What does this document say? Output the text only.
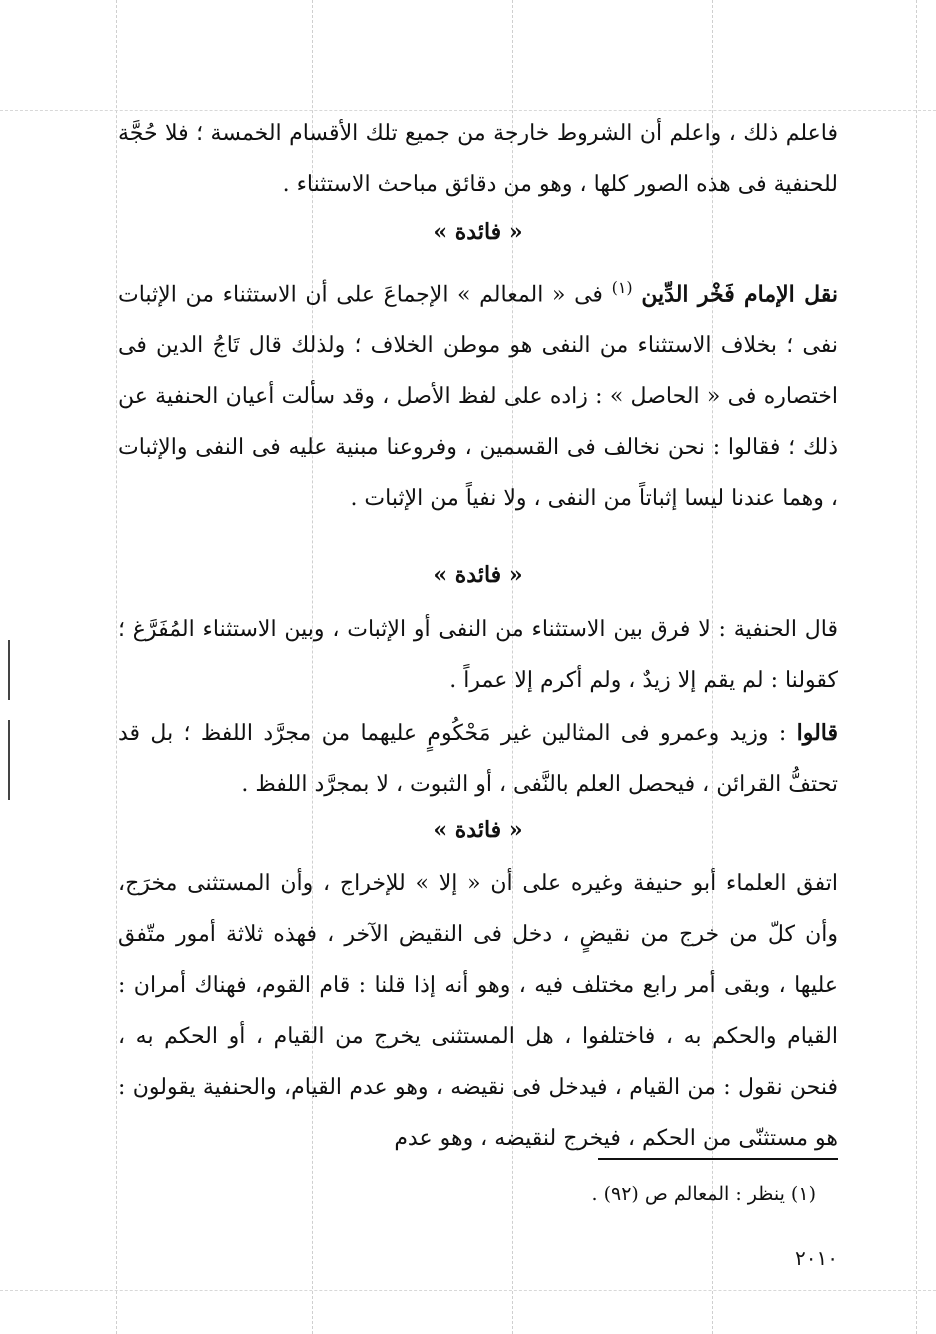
فاعلم ذلك ، واعلم أن الشروط خارجة من جميع تلك الأقسام الخمسة ؛ فلا حُجَّة للحنفية فى هذه الصور كلها ، وهو من دقائق مباحث الاستثناء .

« فائدة »

نقل الإمام فَخْر الدِّين $^{(١)}$ فى « المعالم » الإجماعَ على أن الاستثناء من الإثبات نفى ؛ بخلاف الاستثناء من النفى هو موطن الخلاف ؛ ولذلك قال تَاجُ الدين فى اختصاره فى « الحاصل » : زاده على لفظ الأصل ، وقد سألت أعيان الحنفية عن ذلك ؛ فقالوا : نحن نخالف فى القسمين ، وفروعنا مبنية عليه فى النفى والإثبات ، وهما عندنا ليسا إثباتاً من النفى ، ولا نفياً من الإثبات .

« فائدة »

قال الحنفية : لا فرق بين الاستثناء من النفى أو الإثبات ، وبين الاستثناء المُفَرَّغ ؛ كقولنا : لم يقم إلا زيدٌ ، ولم أكرم إلا عمراً .

قالوا : وزيد وعمرو فى المثالين غير مَحْكُومٍ عليهما من مجرَّد اللفظ ؛ بل قد تحتفُّ القرائن ، فيحصل العلم بالنَّفى ، أو الثبوت ، لا بمجرَّد اللفظ .

« فائدة »

اتفق العلماء أبو حنيفة وغيره على أن « إلا » للإخراج ، وأن المستثنى مخرَج، وأن كلّ من خرج من نقيضٍ ، دخل فى النقيض الآخر ، فهذه ثلاثة أمور متّفق عليها ، وبقى أمر رابع مختلف فيه ، وهو أنه إذا قلنا : قام القوم، فهناك أمران : القيام والحكم به ، فاختلفوا ، هل المستثنى يخرج من القيام ، أو الحكم به ، فنحن نقول : من القيام ، فيدخل فى نقيضه ، وهو عدم القيام، والحنفية يقولون : هو مستثنّى من الحكم ، فيخرج لنقيضه ، وهو عدم

(١) ينظر : المعالم ص (٩٢) .
٢٠١٠
